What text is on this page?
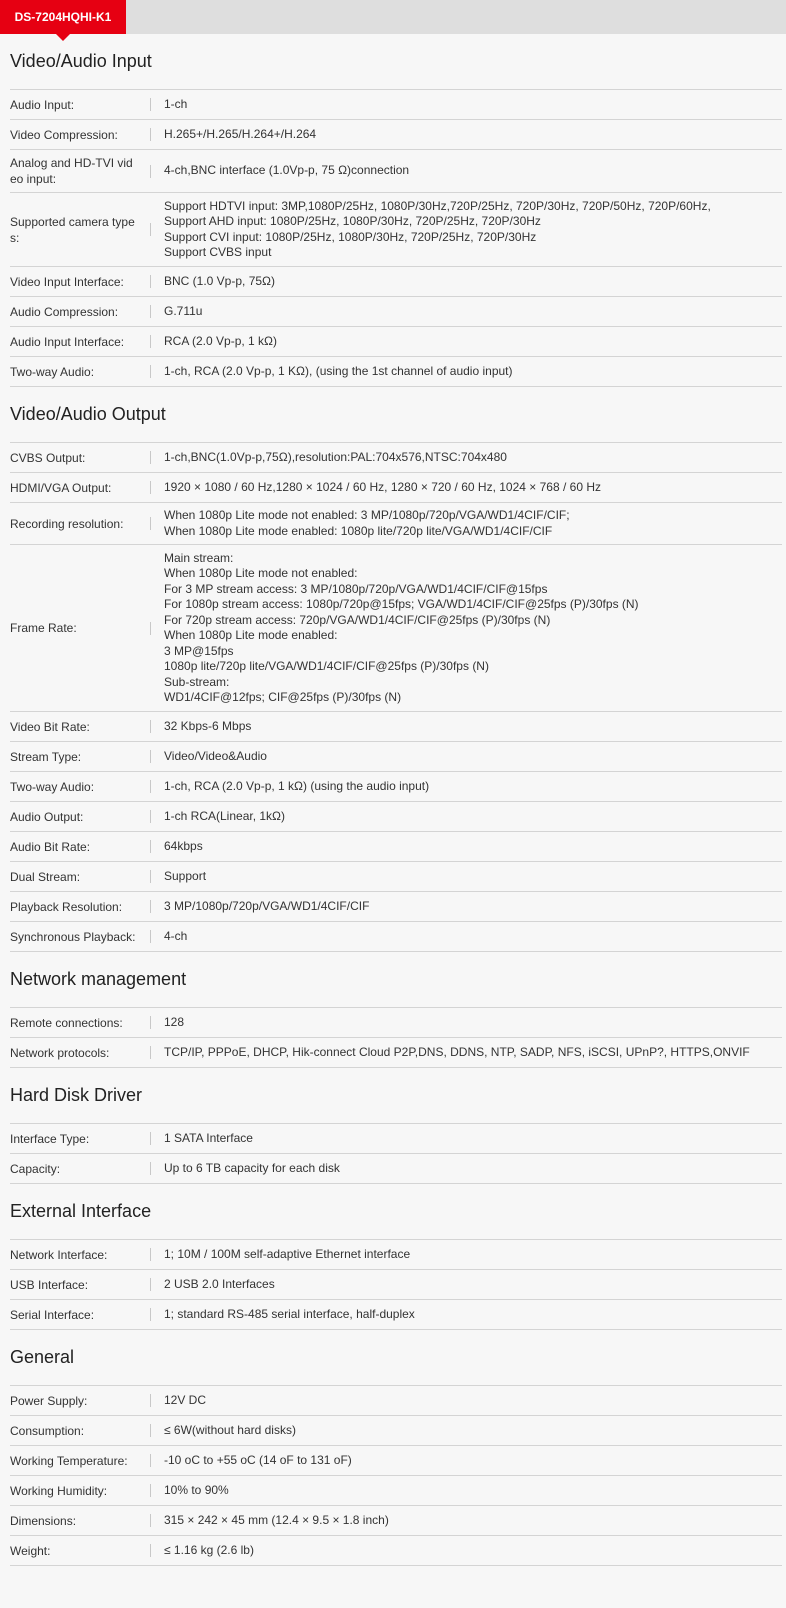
DS-7204HQHI-K1
Video/Audio Input
Audio Input:	1-ch
Video Compression:	H.265+/H.265/H.264+/H.264
Analog and HD-TVI vid eo input:
4-ch,BNC interface (1.0Vp-p, 75 Ω)connection
Supported camera type s:
Support HDTVI input: 3MP,1080P/25Hz, 1080P/30Hz,720P/25Hz, 720P/30Hz, 720P/50Hz, 720P/60Hz,
Support AHD input: 1080P/25Hz, 1080P/30Hz, 720P/25Hz, 720P/30Hz
Support CVI input: 1080P/25Hz, 1080P/30Hz, 720P/25Hz, 720P/30Hz
Support CVBS input
Video Input Interface:	BNC (1.0 Vp-p, 75Ω)
Audio Compression:	G.711u
Audio Input Interface:	RCA (2.0 Vp-p, 1 kΩ)
Two-way Audio:	1-ch, RCA (2.0 Vp-p, 1 KΩ), (using the 1st channel of audio input)
Video/Audio Output
CVBS Output:	1-ch,BNC(1.0Vp-p,75Ω),resolution:PAL:704x576,NTSC:704x480
HDMI/VGA Output:	1920 × 1080 / 60 Hz,1280 × 1024 / 60 Hz, 1280 × 720 / 60 Hz, 1024 × 768 / 60 Hz
Recording resolution:
When 1080p Lite mode not enabled: 3 MP/1080p/720p/VGA/WD1/4CIF/CIF;
When 1080p Lite mode enabled: 1080p lite/720p lite/VGA/WD1/4CIF/CIF
Frame Rate:
Main stream:
When 1080p Lite mode not enabled:
For 3 MP stream access: 3 MP/1080p/720p/VGA/WD1/4CIF/CIF@15fps
For 1080p stream access: 1080p/720p@15fps; VGA/WD1/4CIF/CIF@25fps (P)/30fps (N)
For 720p stream access: 720p/VGA/WD1/4CIF/CIF@25fps (P)/30fps (N)
When 1080p Lite mode enabled:
3 MP@15fps
1080p lite/720p lite/VGA/WD1/4CIF/CIF@25fps (P)/30fps (N)
Sub-stream:
WD1/4CIF@12fps; CIF@25fps (P)/30fps (N)
Video Bit Rate:	32 Kbps-6 Mbps
Stream Type:	Video/Video&Audio
Two-way Audio:	1-ch, RCA (2.0 Vp-p, 1 kΩ) (using the audio input)
Audio Output:	1-ch RCA(Linear, 1kΩ)
Audio Bit Rate:	64kbps
Dual Stream:	Support
Playback Resolution:	3 MP/1080p/720p/VGA/WD1/4CIF/CIF
Synchronous Playback:	4-ch
Network management
Remote connections:	128
Network protocols:	TCP/IP, PPPoE, DHCP, Hik-connect Cloud P2P,DNS, DDNS, NTP, SADP, NFS, iSCSI, UPnP?, HTTPS,ONVIF
Hard Disk Driver
Interface Type:	1 SATA Interface
Capacity:	Up to 6 TB capacity for each disk
External Interface
Network Interface:	1; 10M / 100M self-adaptive Ethernet interface
USB Interface:	2 USB 2.0 Interfaces
Serial Interface:	1; standard RS-485 serial interface, half-duplex
General
Power Supply:	12V DC
Consumption:	≤ 6W(without hard disks)
Working Temperature:	-10 oC to +55 oC (14 oF to 131 oF)
Working Humidity:	10% to 90%
Dimensions:	315 × 242 × 45 mm (12.4 × 9.5 × 1.8 inch)
Weight:	≤ 1.16 kg (2.6 lb)
